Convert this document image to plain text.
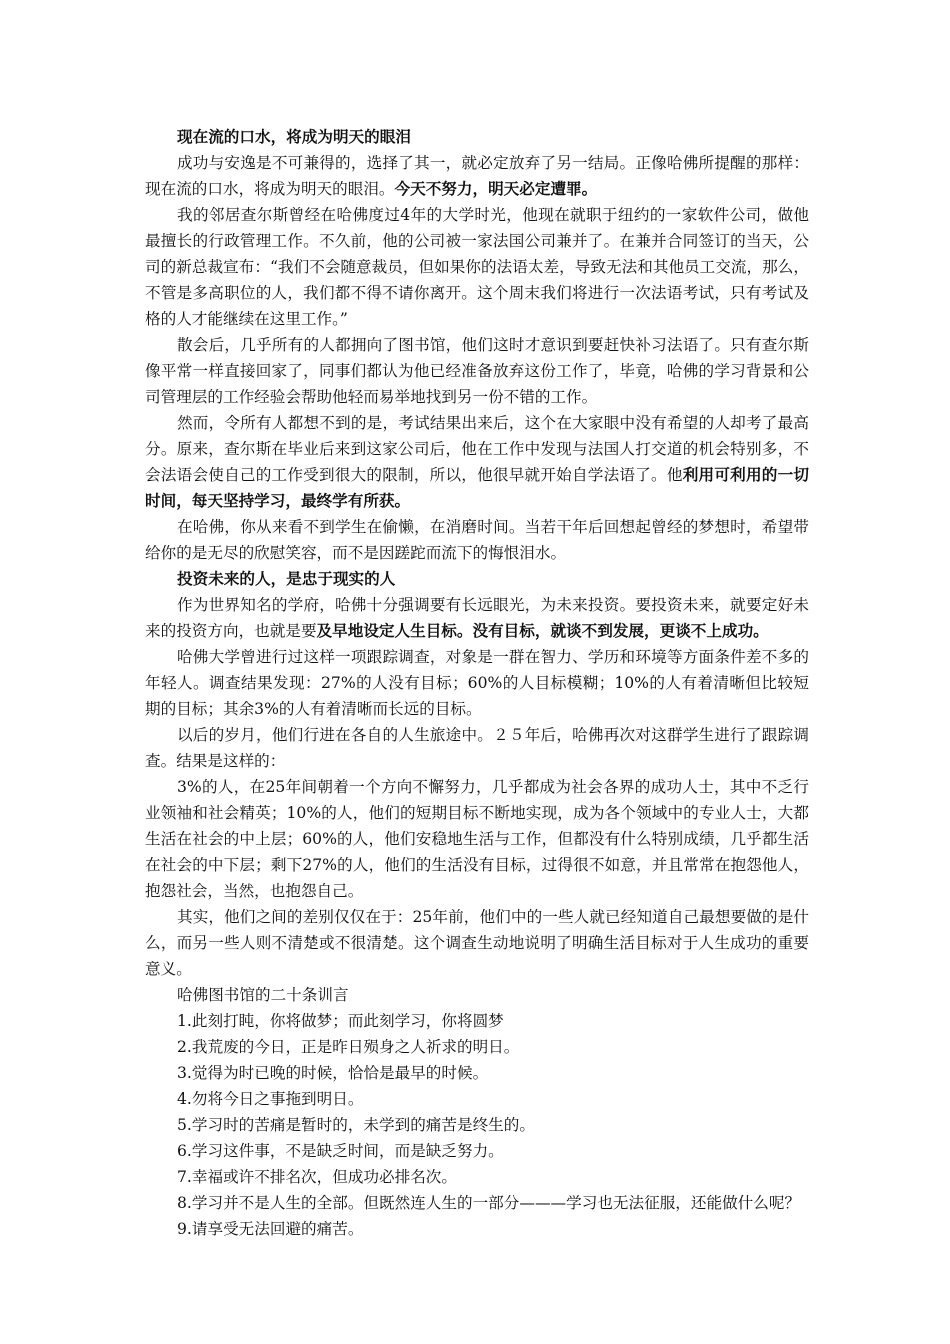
现在流的口水，将成为明天的眼泪

成功与安逸是不可兼得的，选择了其一，就必定放弃了另一结局。正像哈佛所提醒的那样：现在流的口水，将成为明天的眼泪。今天不努力，明天必定遭罪。

我的邻居查尔斯曾经在哈佛度过4年的大学时光，他现在就职于纽约的一家软件公司，做他最擅长的行政管理工作。不久前，他的公司被一家法国公司兼并了。在兼并合同签订的当天，公司的新总裁宣布：“我们不会随意裁员，但如果你的法语太差，导致无法和其他员工交流，那么，不管是多高职位的人，我们都不得不请你离开。这个周末我们将进行一次法语考试，只有考试及格的人才能继续在这里工作。”

散会后，几乎所有的人都拥向了图书馆，他们这时才意识到要赶快补习法语了。只有查尔斯像平常一样直接回家了，同事们都认为他已经准备放弃这份工作了，毕竟，哈佛的学习背景和公司管理层的工作经验会帮助他轻而易举地找到另一份不错的工作。

然而，令所有人都想不到的是，考试结果出来后，这个在大家眼中没有希望的人却考了最高分。原来，查尔斯在毕业后来到这家公司后，他在工作中发现与法国人打交道的机会特别多，不会法语会使自己的工作受到很大的限制，所以，他很早就开始自学法语了。他利用可利用的一切时间，每天坚持学习，最终学有所获。

在哈佛，你从来看不到学生在偷懒，在消磨时间。当若干年后回想起曾经的梦想时，希望带给你的是无尽的欣慰笑容，而不是因蹉跎而流下的悔恨泪水。

投资未来的人，是忠于现实的人

作为世界知名的学府，哈佛十分强调要有长远眼光，为未来投资。要投资未来，就要定好未来的投资方向，也就是要及早地设定人生目标。没有目标，就谈不到发展，更谈不上成功。

哈佛大学曾进行过这样一项跟踪调查，对象是一群在智力、学历和环境等方面条件差不多的年轻人。调查结果发现：27%的人没有目标；60%的人目标模糊；10%的人有着清晰但比较短期的目标；其余3%的人有着清晰而长远的目标。

以后的岁月，他们行进在各自的人生旅途中。２５年后，哈佛再次对这群学生进行了跟踪调查。结果是这样的：

3%的人，在25年间朝着一个方向不懈努力，几乎都成为社会各界的成功人士，其中不乏行业领袖和社会精英；10%的人，他们的短期目标不断地实现，成为各个领域中的专业人士，大都生活在社会的中上层；60%的人，他们安稳地生活与工作，但都没有什么特别成绩，几乎都生活在社会的中下层；剩下27%的人，他们的生活没有目标，过得很不如意，并且常常在抱怨他人，抱怨社会，当然，也抱怨自己。

其实，他们之间的差别仅仅在于：25年前，他们中的一些人就已经知道自己最想要做的是什么，而另一些人则不清楚或不很清楚。这个调查生动地说明了明确生活目标对于人生成功的重要意义。

哈佛图书馆的二十条训言

1.此刻打盹，你将做梦；而此刻学习，你将圆梦

2.我荒废的今日，正是昨日殒身之人祈求的明日。

3.觉得为时已晚的时候，恰恰是最早的时候。

4.勿将今日之事拖到明日。

5.学习时的苦痛是暂时的，未学到的痛苦是终生的。

6.学习这件事，不是缺乏时间，而是缺乏努力。

7.幸福或许不排名次，但成功必排名次。

8.学习并不是人生的全部。但既然连人生的一部分———学习也无法征服，还能做什么呢？

9.请享受无法回避的痛苦。
